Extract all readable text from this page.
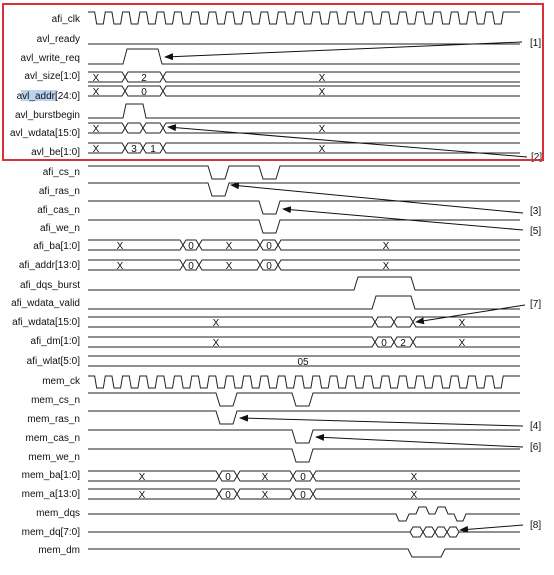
afi_clk
avl_ready
avl_write_req
avl_size[1:0]
avl_addr[24:0]
avl_burstbegin
avl_wdata[15:0]
avl_be[1:0]
afi_cs_n
afi_ras_n
afi_cas_n
afi_we_n
afi_ba[1:0]
afi_addr[13:0]
afi_dqs_burst
afi_wdata_valid
afi_wdata[15:0]
afi_dm[1:0]
afi_wlat[5:0]
mem_ck
mem_cs_n
mem_ras_n
mem_cas_n
mem_we_n
mem_ba[1:0]
mem_a[13:0]
mem_dqs
mem_dq[7:0]
mem_dm
X	2	X
X	0	X
X	X
X	3 1	X
X	0	X	0	X
X	0	X	0	X
X	X
X	0 2	X
05
X	0	X	0	X
X	0	X	0	X
[1]
[2]
[3]
[5]
[7]
[4]
[6]
[8]
